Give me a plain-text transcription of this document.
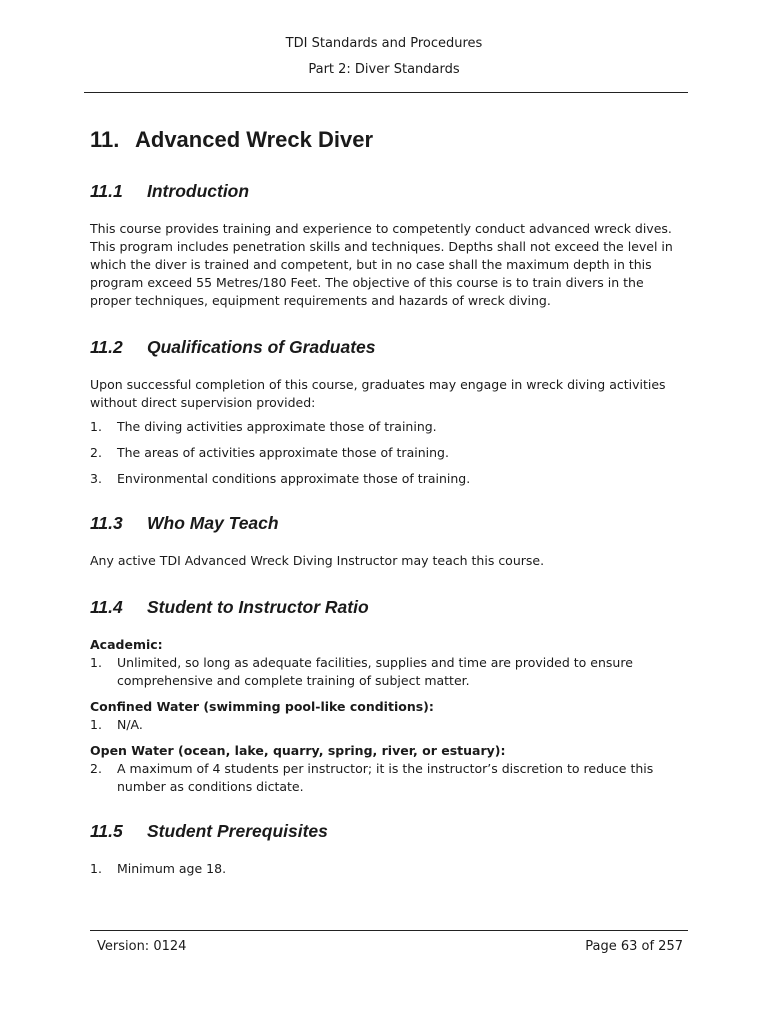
TDI Standards and Procedures
Part 2: Diver Standards
11. Advanced Wreck Diver
11.1 Introduction

This course provides training and experience to competently conduct advanced wreck dives. This program includes penetration skills and techniques. Depths shall not exceed the level in which the diver is trained and competent, but in no case shall the maximum depth in this program exceed 55 Metres/180 Feet. The objective of this course is to train divers in the proper techniques, equipment requirements and hazards of wreck diving.

11.2 Qualifications of Graduates

Upon successful completion of this course, graduates may engage in wreck diving activities without direct supervision provided:

1.	The diving activities approximate those of training.
2.	The areas of activities approximate those of training.
3.	Environmental conditions approximate those of training.
11.3 Who May Teach

Any active TDI Advanced Wreck Diving Instructor may teach this course.

11.4 Student to Instructor Ratio

Academic:

1.	Unlimited, so long as adequate facilities, supplies and time are provided to ensure comprehensive and complete training of subject matter.

Confined Water (swimming pool-like conditions):

1.	N/A.

Open Water (ocean, lake, quarry, spring, river, or estuary):

2.	A maximum of 4 students per instructor; it is the instructor’s discretion to reduce this number as conditions dictate.
11.5 Student Prerequisites
1.	Minimum age 18.
Version: 0124	Page 63 of 257
